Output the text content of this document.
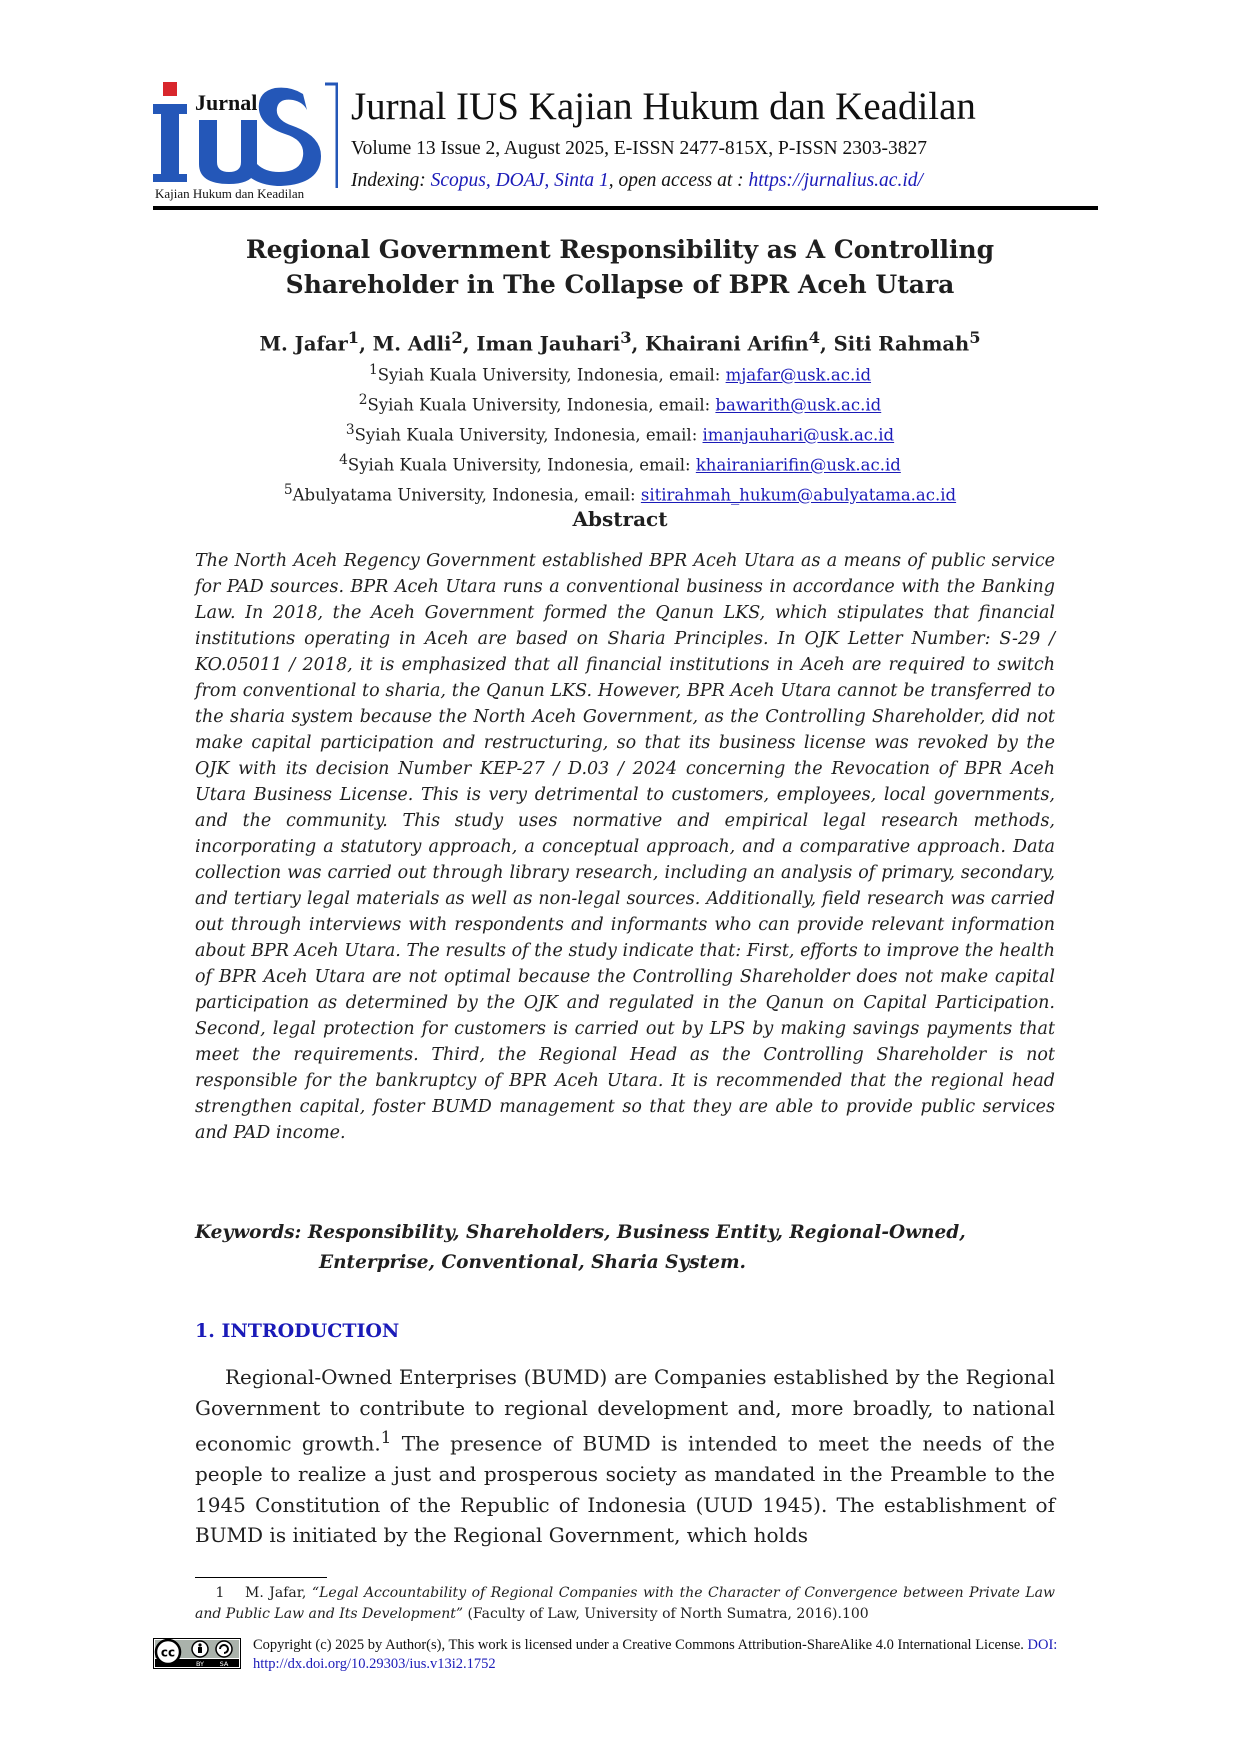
Jurnal
Kajian Hukum dan Keadilan
Jurnal IUS Kajian Hukum dan Keadilan
Volume 13 Issue 2, August 2025, E-ISSN 2477-815X, P-ISSN 2303-3827
Indexing: Scopus, DOAJ, Sinta 1, open access at : https://jurnalius.ac.id/
Regional Government Responsibility as A Controlling
Shareholder in The Collapse of BPR Aceh Utara
M. Jafar$^1$, M. Adli$^2$, Iman Jauhari$^3$, Khairani Arifin$^4$, Siti Rahmah$^5$
$^1$Syiah Kuala University, Indonesia, email: mjafar@usk.ac.id
$^2$Syiah Kuala University, Indonesia, email: bawarith@usk.ac.id
$^3$Syiah Kuala University, Indonesia, email: imanjauhari@usk.ac.id
$^4$Syiah Kuala University, Indonesia, email: khairaniarifin@usk.ac.id
$^5$Abulyatama University, Indonesia, email: sitirahmah_hukum@abulyatama.ac.id
Abstract
The North Aceh Regency Government established BPR Aceh Utara as a means of public service for PAD sources. BPR Aceh Utara runs a conventional business in accordance with the Banking Law. In 2018, the Aceh Government formed the Qanun LKS, which stipulates that financial institutions operating in Aceh are based on Sharia Principles. In OJK Letter Number: S-29 / KO.05011 / 2018, it is emphasized that all financial institutions in Aceh are required to switch from conventional to sharia, the Qanun LKS. However, BPR Aceh Utara cannot be transferred to the sharia system because the North Aceh Government, as the Controlling Shareholder, did not make capital participation and restructuring, so that its business license was revoked by the OJK with its decision Number KEP-27 / D.03 / 2024 concerning the Revocation of BPR Aceh Utara Business License. This is very detrimental to customers, employees, local governments, and the community. This study uses normative and empirical legal research methods, incorporating a statutory approach, a conceptual approach, and a comparative approach. Data collection was carried out through library research, including an analysis of primary, secondary, and tertiary legal materials as well as non-legal sources. Additionally, field research was carried out through interviews with respondents and informants who can provide relevant information about BPR Aceh Utara. The results of the study indicate that: First, efforts to improve the health of BPR Aceh Utara are not optimal because the Controlling Shareholder does not make capital participation as determined by the OJK and regulated in the Qanun on Capital Participation. Second, legal protection for customers is carried out by LPS by making savings payments that meet the requirements. Third, the Regional Head as the Controlling Shareholder is not responsible for the bankruptcy of BPR Aceh Utara. It is recommended that the regional head strengthen capital, foster BUMD management so that they are able to provide public services and PAD income.
Keywords: Responsibility, Shareholders, Business Entity, Regional-Owned,
Enterprise, Conventional, Sharia System.
1. INTRODUCTION
Regional-Owned Enterprises (BUMD) are Companies established by the Regional Government to contribute to regional development and, more broadly, to national economic growth.$^1$ The presence of BUMD is intended to meet the needs of the people to realize a just and prosperous society as mandated in the Preamble to the 1945 Constitution of the Republic of Indonesia (UUD 1945). The establishment of BUMD is initiated by the Regional Government, which holds
1 M. Jafar, “Legal Accountability of Regional Companies with the Character of Convergence between Private Law and Public Law and Its Development” (Faculty of Law, University of North Sumatra, 2016).100
cc
BY SA
Copyright (c) 2025 by Author(s), This work is licensed under a Creative Commons Attribution-ShareAlike 4.0 International License. DOI: http://dx.doi.org/10.29303/ius.v13i2.1752
